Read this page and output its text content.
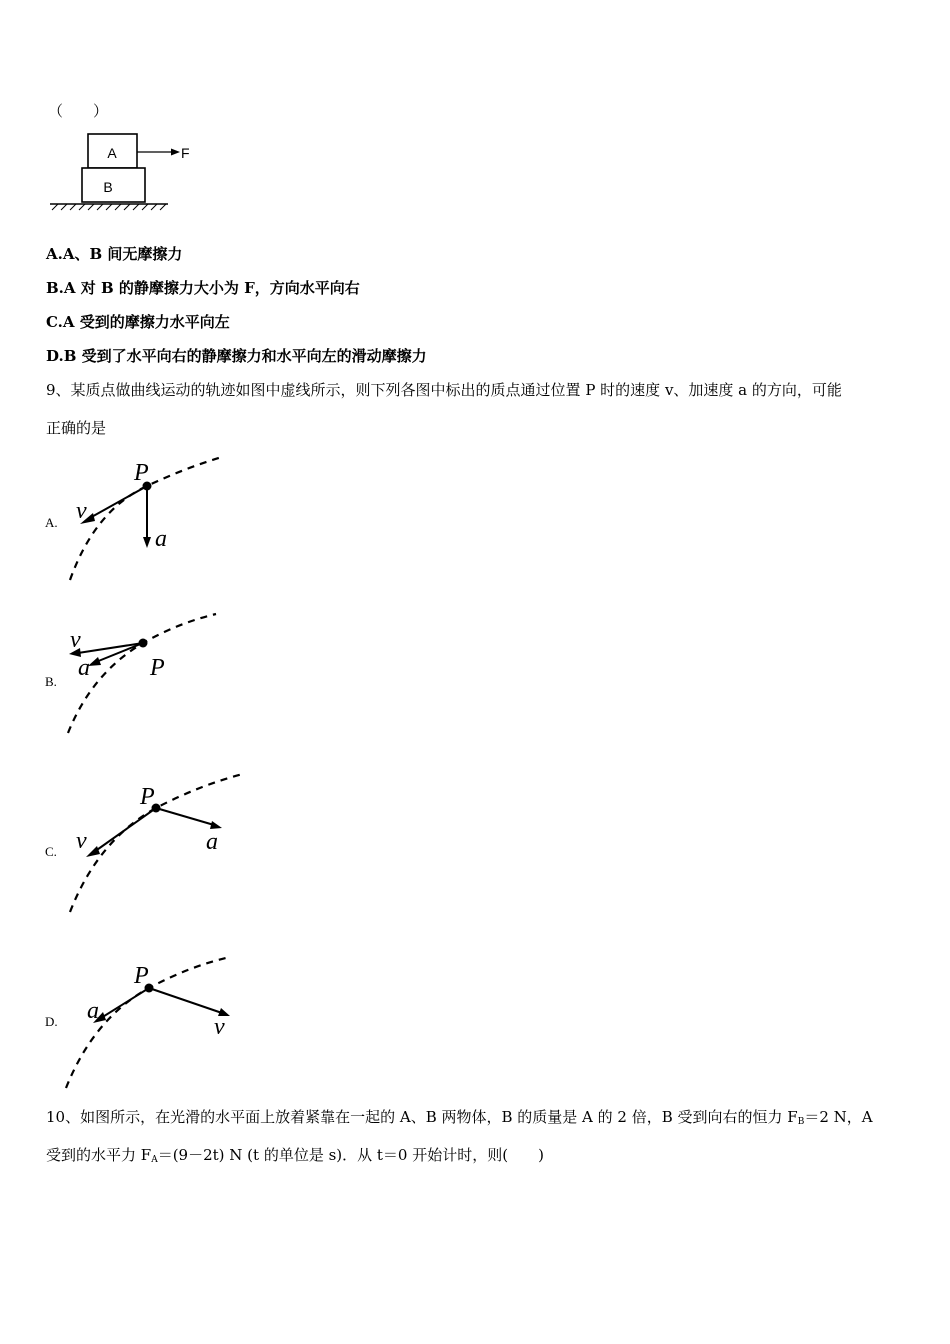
（　　）
A
B
F
A.A、B 间无摩擦力
B.A 对 B 的静摩擦力大小为 F，方向水平向右
C.A 受到的摩擦力水平向左
D.B 受到了水平向右的静摩擦力和水平向左的滑动摩擦力
9、某质点做曲线运动的轨迹如图中虚线所示，则下列各图中标出的质点通过位置 P 时的速度 v、加速度 a 的方向，可能
正确的是
A.
P
v
a
B.
P
v
a
C.
P
v	a
D.
P
a
v
10、如图所示，在光滑的水平面上放着紧靠在一起的 A、B 两物体，B 的质量是 A 的 2 倍，B 受到向右的恒力 $F_B=2$ N，A
受到的水平力 $F_A=(9-2t)$ N (t 的单位是 s)．从 t＝0 开始计时，则(　　)
